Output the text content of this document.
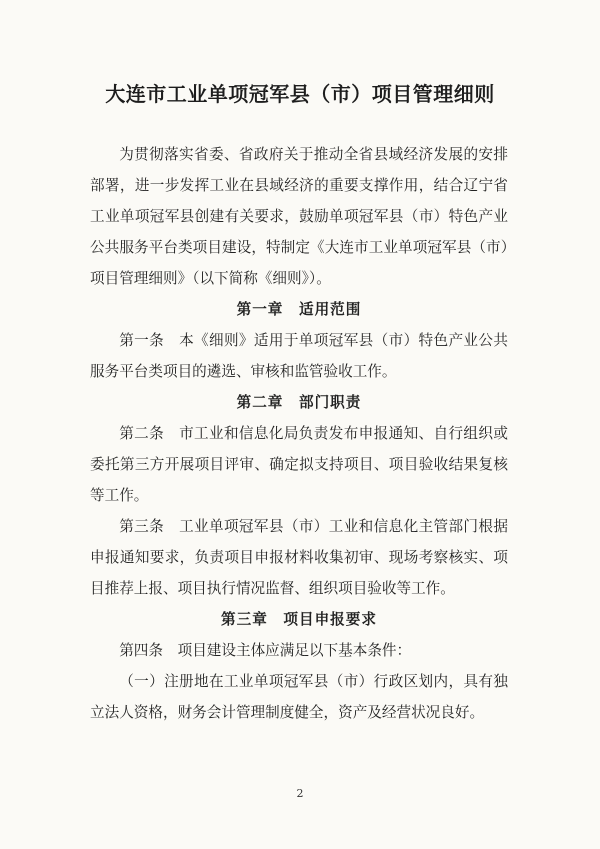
大连市工业单项冠军县（市）项目管理细则

为贯彻落实省委、省政府关于推动全省县域经济发展的安排部署，进一步发挥工业在县域经济的重要支撑作用，结合辽宁省工业单项冠军县创建有关要求，鼓励单项冠军县（市）特色产业公共服务平台类项目建设，特制定《大连市工业单项冠军县（市）项目管理细则》（以下简称《细则》）。

第一章　适用范围

第一条　 本《细则》适用于单项冠军县（市）特色产业公共服务平台类项目的遴选、审核和监管验收工作。

第二章　部门职责

第二条　 市工业和信息化局负责发布申报通知、自行组织或委托第三方开展项目评审、确定拟支持项目、项目验收结果复核等工作。

第三条　 工业单项冠军县（市）工业和信息化主管部门根据申报通知要求，负责项目申报材料收集初审、现场考察核实、项目推荐上报、项目执行情况监督、组织项目验收等工作。

第三章　项目申报要求

第四条　 项目建设主体应满足以下基本条件：

（一）注册地在工业单项冠军县（市）行政区划内，具有独立法人资格，财务会计管理制度健全，资产及经营状况良好。

2
